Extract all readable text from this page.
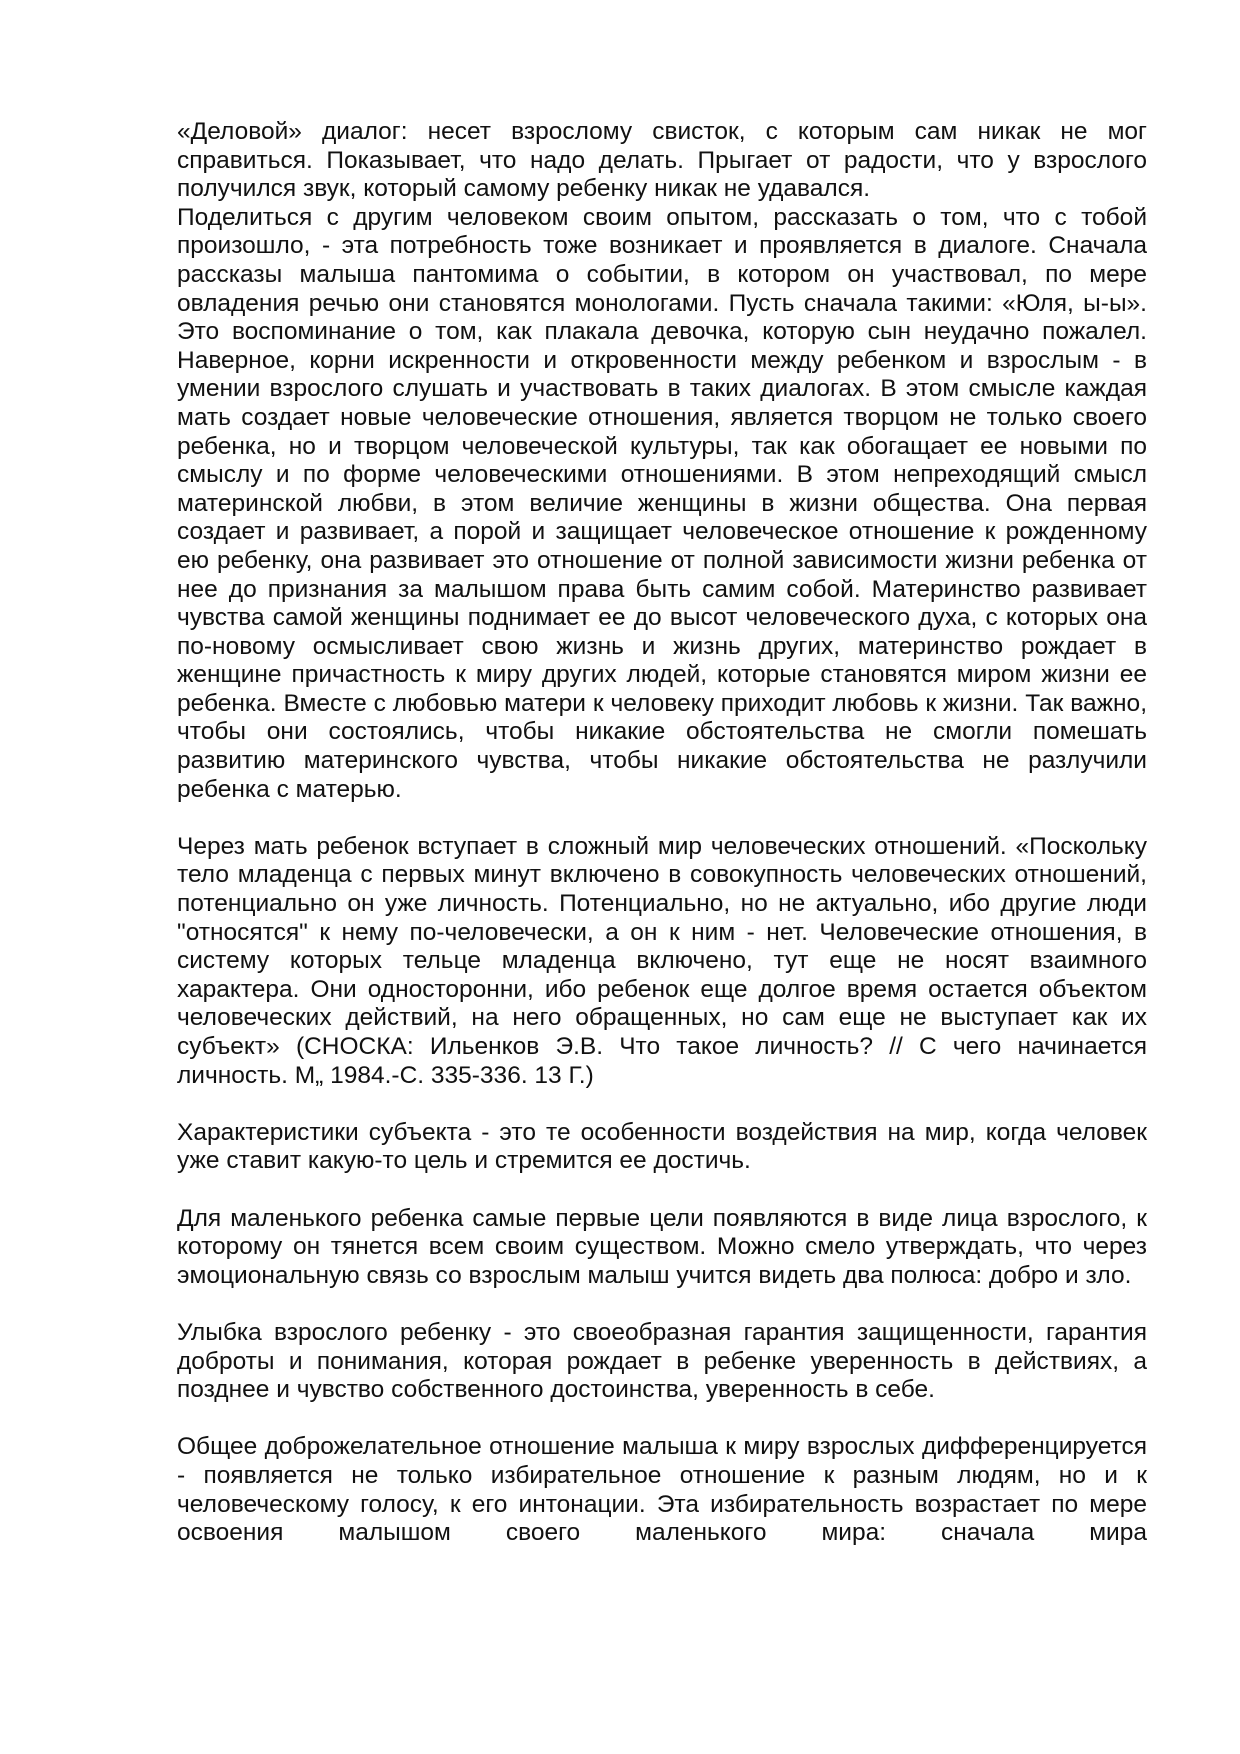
«Деловой» диалог: несет взрослому свисток, с которым сам никак не мог справиться. Показывает, что надо делать. Прыгает от радости, что у взрослого получился звук, который самому ребенку никак не удавался.

Поделиться с другим человеком своим опытом, рассказать о том, что с тобой произошло, - эта потребность тоже возникает и проявляется в диалоге. Сначала рассказы малыша пантомима о событии, в котором он участвовал, по мере овладения речью они становятся монологами. Пусть сначала такими: «Юля, ы-ы». Это воспоминание о том, как плакала девочка, которую сын неудачно пожалел. Наверное, корни искренности и откровенности между ребенком и взрослым - в умении взрослого слушать и участвовать в таких диалогах. В этом смысле каждая мать создает новые человеческие отношения, является творцом не только своего ребенка, но и творцом человеческой культуры, так как обогащает ее новыми по смыслу и по форме человеческими отношениями. В этом непреходящий смысл материнской любви, в этом величие женщины в жизни общества. Она первая создает и развивает, а порой и защищает человеческое отношение к рожденному ею ребенку, она развивает это отношение от полной зависимости жизни ребенка от нее до признания за малышом права быть самим собой. Материнство развивает чувства самой женщины поднимает ее до высот человеческого духа, с которых она по-новому осмысливает свою жизнь и жизнь других, материнство рождает в женщине причастность к миру других людей, которые становятся миром жизни ее ребенка. Вместе с любовью матери к человеку приходит любовь к жизни. Так важно, чтобы они состоялись, чтобы никакие обстоятельства не смогли помешать развитию материнского чувства, чтобы никакие обстоятельства не разлучили ребенка с матерью.

Через мать ребенок вступает в сложный мир человеческих отношений. «Поскольку тело младенца с первых минут включено в совокупность человеческих отношений, потенциально он уже личность. Потенциально, но не актуально, ибо другие люди "относятся" к нему по-человечески, а он к ним - нет. Человеческие отношения, в систему которых тельце младенца включено, тут еще не носят взаимного характера. Они односторонни, ибо ребенок еще долгое время остается объектом человеческих действий, на него обращенных, но сам еще не выступает как их субъект» (СНОСКА: Ильенков Э.В. Что такое личность? // С чего начинается личность. М„ 1984.-С. 335-336. 13 Г.)

Характеристики субъекта - это те особенности воздействия на мир, когда человек уже ставит какую-то цель и стремится ее достичь.

Для маленького ребенка самые первые цели появляются в виде лица взрослого, к которому он тянется всем своим существом. Можно смело утверждать, что через эмоциональную связь со взрослым малыш учится видеть два полюса: добро и зло.

Улыбка взрослого ребенку - это своеобразная гарантия защищенности, гарантия доброты и понимания, которая рождает в ребенке уверенность в действиях, а позднее и чувство собственного достоинства, уверенность в себе.

Общее доброжелательное отношение малыша к миру взрослых дифференцируется - появляется не только избирательное отношение к разным людям, но и к человеческому голосу, к его интонации. Эта избирательность возрастает по мере освоения малышом своего маленького мира: сначала мира
